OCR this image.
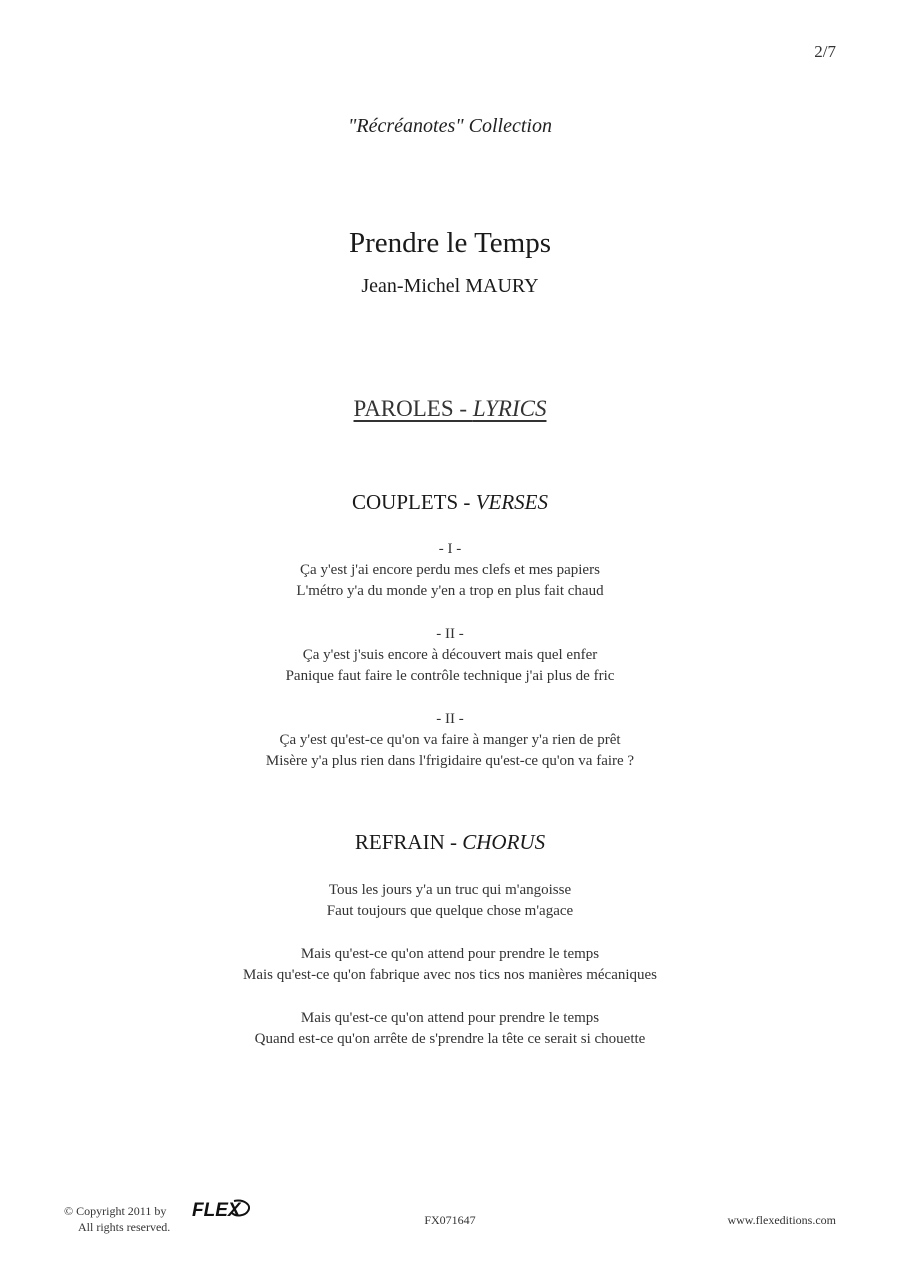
2/7
"Récréanotes" Collection
Prendre le Temps
Jean-Michel MAURY
PAROLES - LYRICS
COUPLETS - VERSES
- I -
Ça y'est j'ai encore perdu mes clefs et mes papiers
L'métro y'a du monde y'en a trop en plus fait chaud
- II -
Ça y'est j'suis encore à découvert mais quel enfer
Panique faut faire le contrôle technique j'ai plus de fric
- II -
Ça y'est qu'est-ce qu'on va faire à manger y'a rien de prêt
Misère y'a plus rien dans l'frigidaire qu'est-ce qu'on va faire ?
REFRAIN - CHORUS
Tous les jours y'a un truc qui m'angoisse
Faut toujours que quelque chose m'agace
Mais qu'est-ce qu'on attend pour prendre le temps
Mais qu'est-ce qu'on fabrique avec nos tics nos manières mécaniques
Mais qu'est-ce qu'on attend pour prendre le temps
Quand est-ce qu'on arrête de s'prendre la tête ce serait si chouette
© Copyright 2011 by
All rights reserved.
FLEX	FX071647	www.flexeditions.com
